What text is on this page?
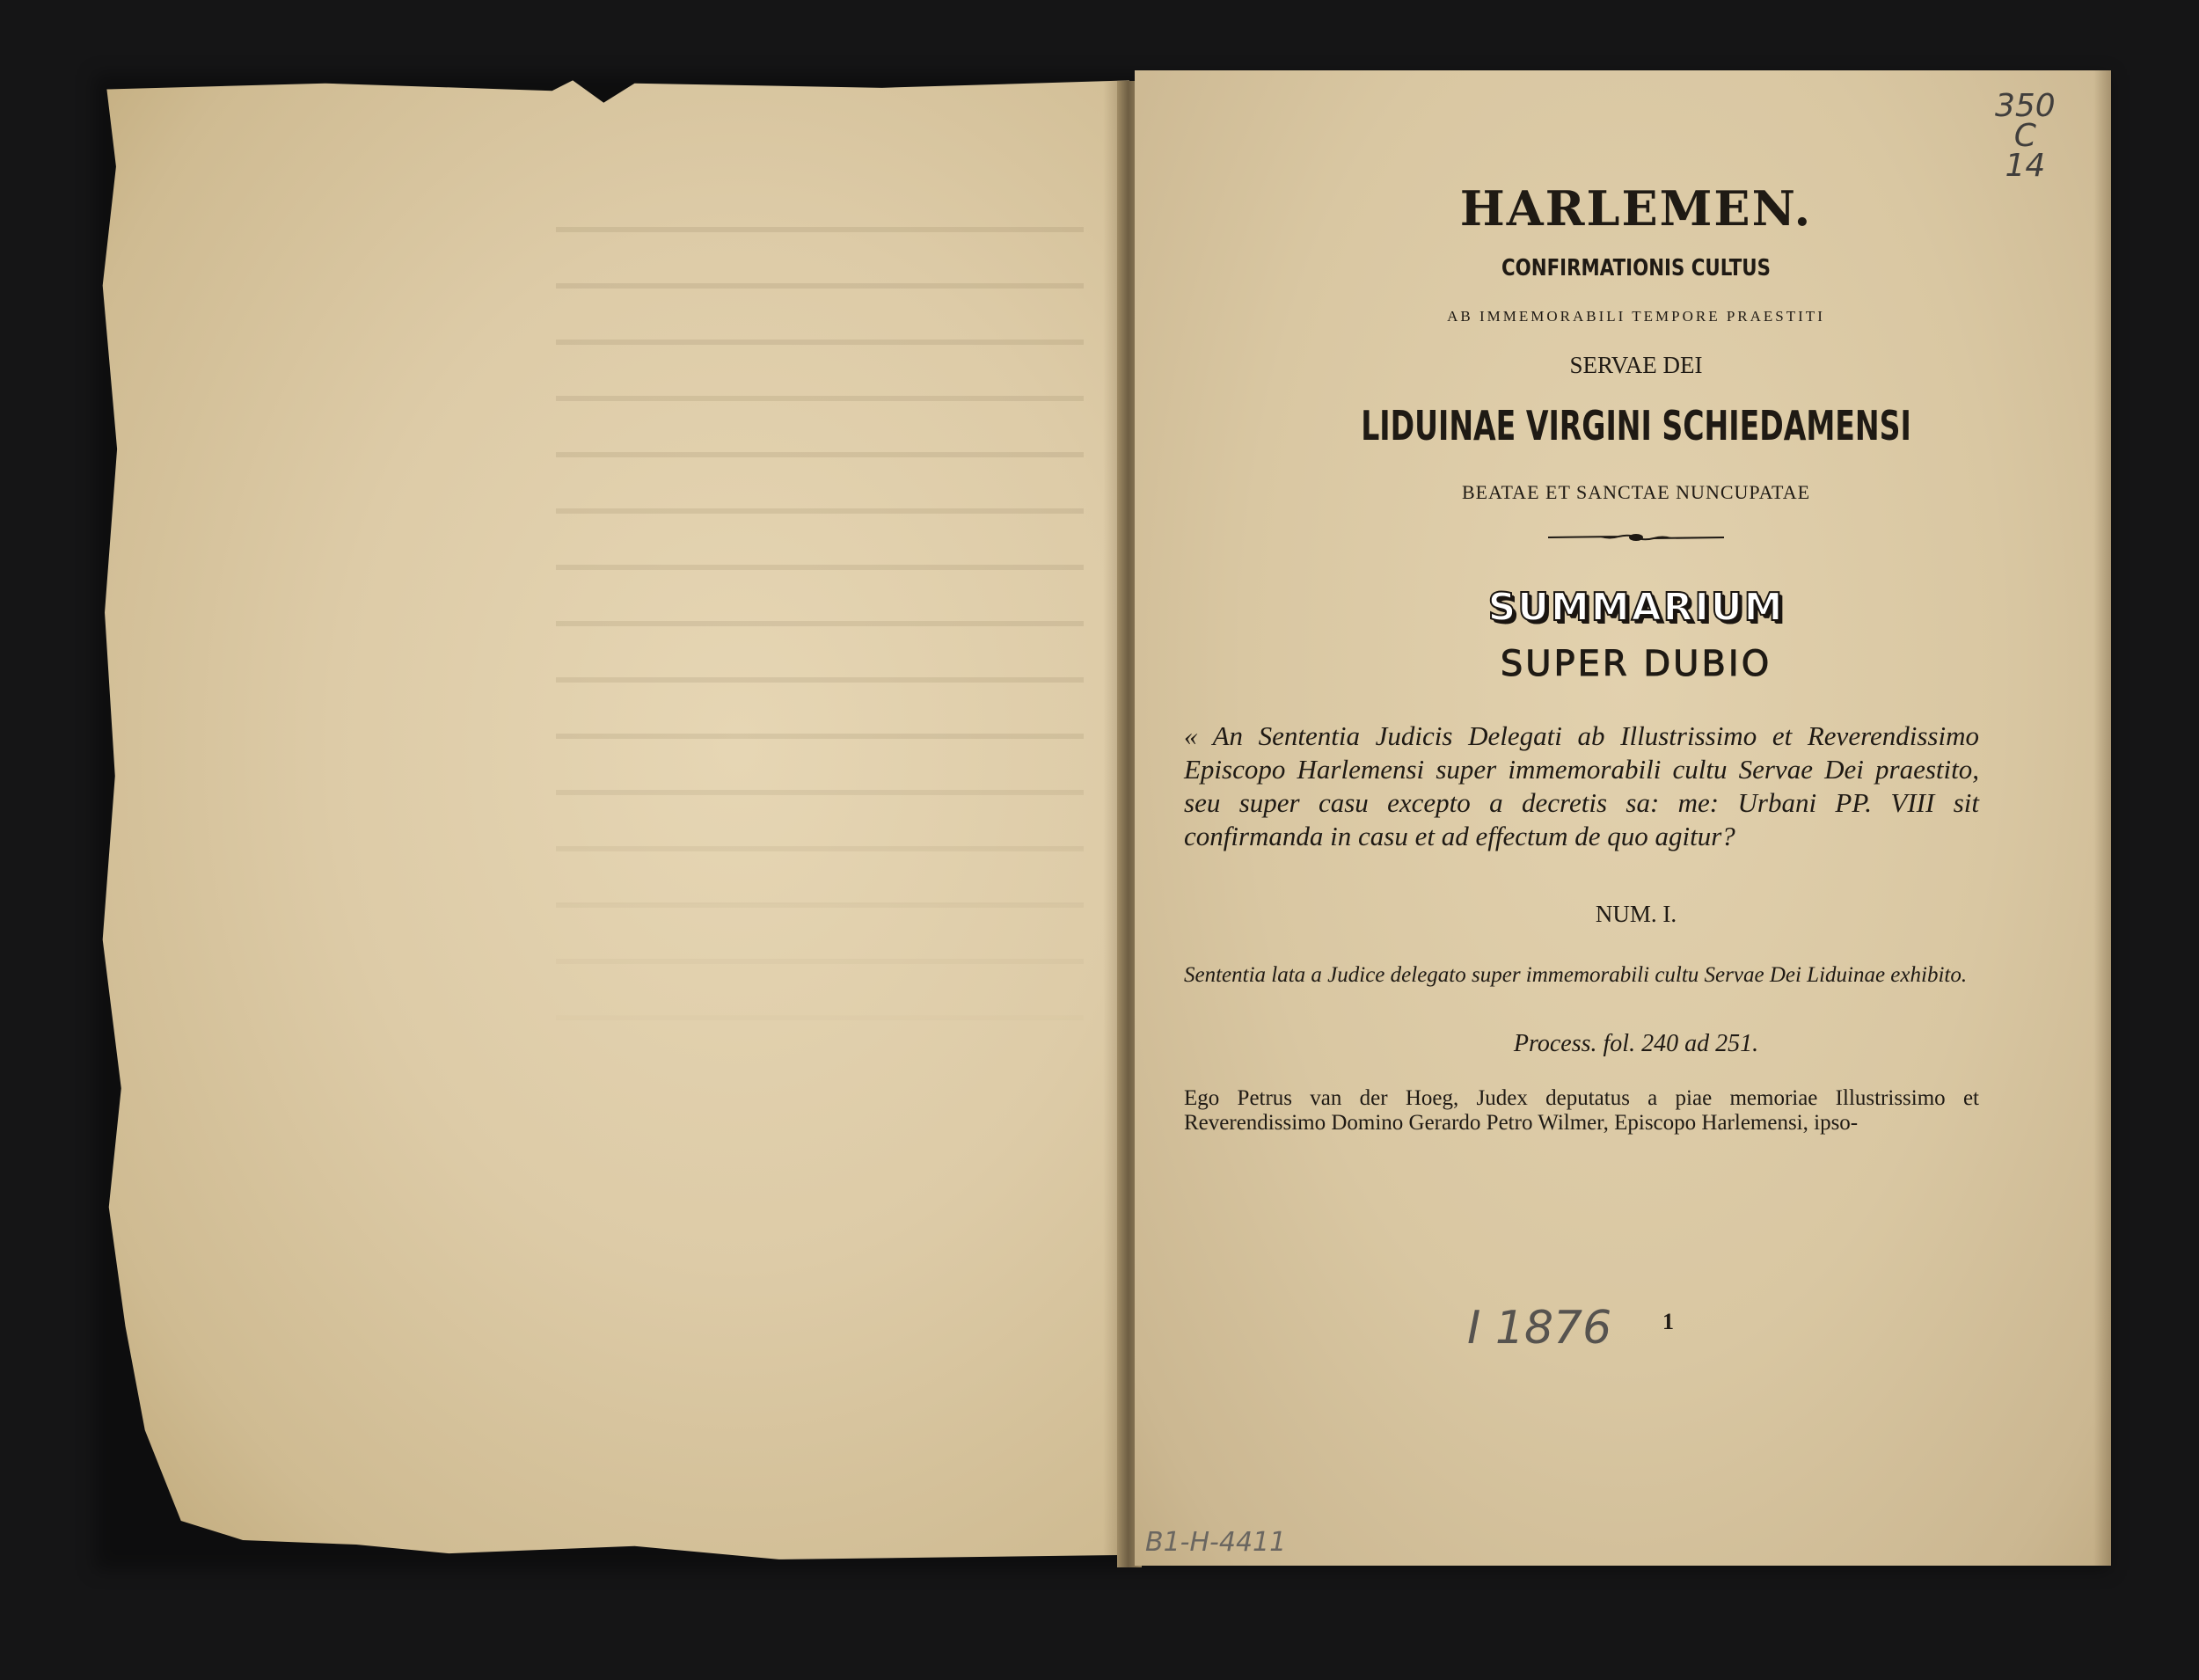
HARLEMEN.
CONFIRMATIONIS CULTUS
AB IMMEMORABILI TEMPORE PRAESTITI
SERVAE DEI
LIDUINAE VIRGINI SCHIEDAMENSI
BEATAE ET SANCTAE NUNCUPATAE
SUMMARIUM
SUPER DUBIO
« An Sententia Judicis Delegati ab Illustrissimo et Reverendissimo Episcopo Harlemensi super immemorabili cultu Servae Dei praestito, seu super casu excepto a decretis sa: me: Urbani PP. VIII sit confirmanda in casu et ad effectum de quo agitur?
NUM. I.
Sententia lata a Judice delegato super immemorabili cultu Servae Dei Liduinae exhibito.
Process. fol. 240 ad 251.
Ego Petrus van der Hoeg, Judex deputatus a piae memoriae Illustrissimo et Reverendissimo Domino Gerardo Petro Wilmer, Episcopo Harlemensi, ipso-
1
350
C
14
I 1876
B1-H-4411
